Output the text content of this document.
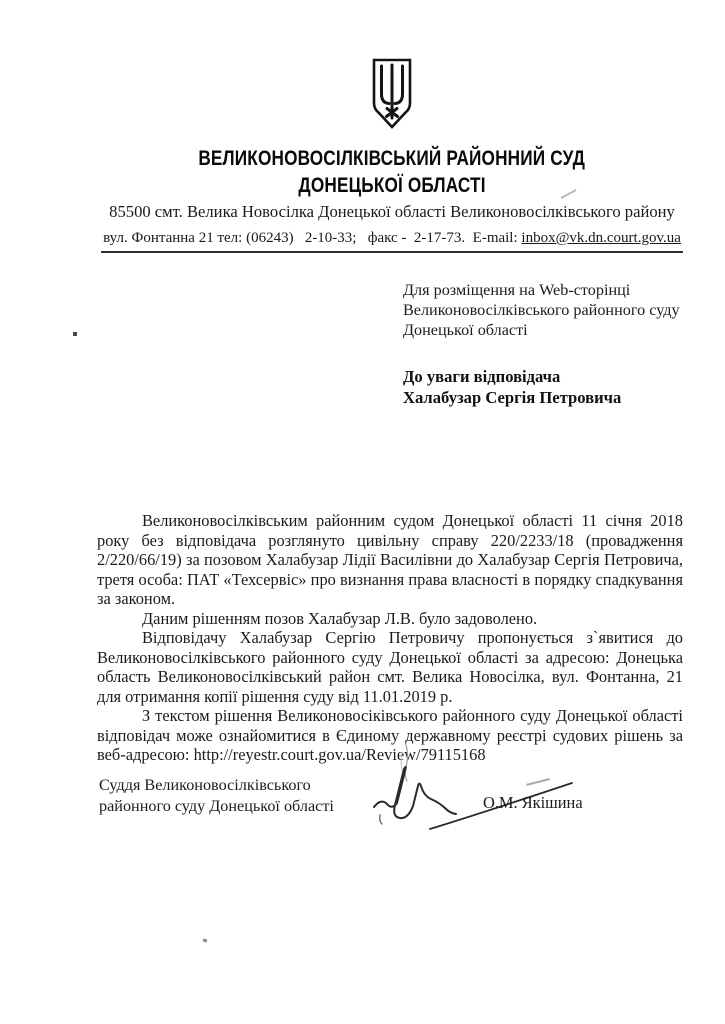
ВЕЛИКОНОВОСІЛКІВСЬКИЙ РАЙОННИЙ СУД
ДОНЕЦЬКОЇ ОБЛАСТІ
85500 смт. Велика Новосілка Донецької області Великоновосілківського району
вул. Фонтанна 21 тел: (06243)   2-10-33;   факс -  2-17-73.  E-mail: inbox@vk.dn.court.gov.ua
Для розміщення на Web-сторінці
Великоновосілківського районного суду
Донецької області
До уваги відповідача
Халабузар Сергія Петровича

Великоновосілківським районним судом Донецької області 11 січня 2018 року без відповідача розглянуто цивільну справу 220/2233/18 (провадження 2/220/66/19) за позовом Халабузар Лідії Василівни до Халабузар Сергія Петровича, третя особа: ПАТ «Техсервіс» про визнання права власності в порядку спадкування за законом.

Даним рішенням позов Халабузар Л.В. було задоволено.

Відповідачу Халабузар Сергію Петровичу пропонується з`явитися до Великоновосілківського районного суду Донецької області за адресою: Донецька область Великоновосілківський район смт. Велика Новосілка, вул. Фонтанна, 21 для отримання копії рішення суду від 11.01.2019 р.

З текстом рішення Великоновосіківського районного суду Донецької області відповідач може ознайомитися в Єдиному державному реєстрі судових рішень за веб-адресою: http://reyestr.court.gov.ua/Review/79115168

Суддя Великоновосілківського
районного суду Донецької області	О.М. Якішина
